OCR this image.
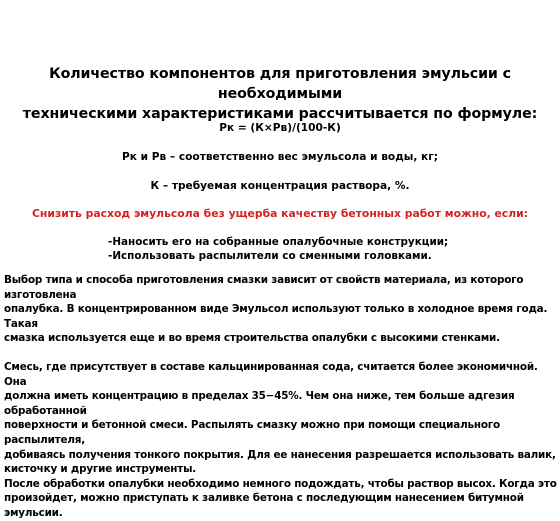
Количество компонентов для приготовления эмульсии с необходимыми
техническими характеристиками рассчитывается по формуле:
Рк = (К×Рв)/(100-К)
Рк и Рв – соответственно вес эмульсола и воды, кг;
К – требуемая концентрация раствора, %.
Снизить расход эмульсола без ущерба качеству бетонных работ можно, если:
-Наносить его на собранные опалубочные конструкции;
-Использовать распылители со сменными головками.

Выбор типа и способа приготовления смазки зависит от свойств материала, из которого изготовлена
опалубка. В концентрированном виде Эмульсол используют только в холодное время года. Такая
смазка используется еще и во время строительства опалубки с высокими стенками.

Смесь, где присутствует в составе кальцинированная сода, считается более экономичной. Она
должна иметь концентрацию в пределах 35−45%. Чем она ниже, тем больше адгезия обработанной
поверхности и бетонной смеси. Распылять смазку можно при помощи специального распылителя,
добиваясь получения тонкого покрытия. Для ее нанесения разрешается использовать валик,
кисточку и другие инструменты.

После обработки опалубки необходимо немного подождать, чтобы раствор высох. Когда это
произойдет, можно приступать к заливке бетона с последующим нанесением битумной эмульсии.
